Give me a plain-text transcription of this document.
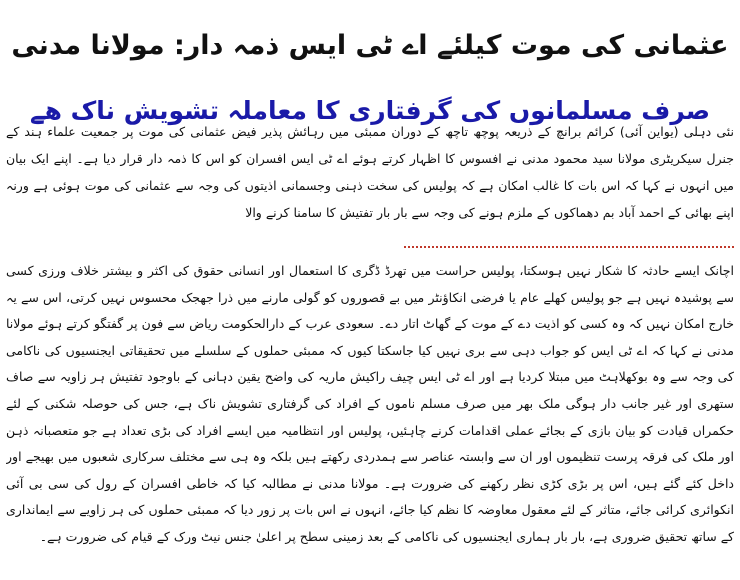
عثمانی کی موت کیلئے اے ٹی ایس ذمہ دار: مولانا مدنی
صرف مسلمانوں کی گرفتاری کا معاملہ تشویش ناک ھے

نئی دہلی (یواین آئی) کرائم برانچ کے ذریعہ پوچھ تاچھ کے دوران ممبئی میں رہائش پذیر فیض عثمانی کی موت پر جمعیت علماء ہند کے جنرل سیکریٹری مولانا سید محمود مدنی نے افسوس کا اظہار کرتے ہوئے اے ٹی ایس افسران کو اس کا ذمہ دار قرار دیا ہے۔ اپنے ایک بیان میں انہوں نے کہا کہ اس بات کا غالب امکان ہے کہ پولیس کی سخت ذہنی وجسمانی اذیتوں کی وجہ سے عثمانی کی موت ہوئی ہے ورنہ اپنے بھائی کے احمد آباد بم دھماکوں کے ملزم ہونے کی وجہ سے بار بار تفتیش کا سامنا کرنے والا

اچانک ایسے حادثہ کا شکار نہیں ہوسکتا، پولیس حراست میں تھرڈ ڈگری کا استعمال اور انسانی حقوق کی اکثر و بیشتر خلاف ورزی کسی سے پوشیدہ نہیں ہے جو پولیس کھلے عام یا فرضی انکاؤنٹر میں بے قصوروں کو گولی مارنے میں ذرا جھجک محسوس نہیں کرتی، اس سے یہ خارج امکان نہیں کہ وہ کسی کو اذیت دے کے موت کے گھاٹ اتار دے۔ سعودی عرب کے دارالحکومت ریاض سے فون پر گفتگو کرتے ہوئے مولانا مدنی نے کہا کہ اے ٹی ایس کو جواب دہی سے بری نہیں کیا جاسکتا کیوں کہ ممبئی حملوں کے سلسلے میں تحقیقاتی ایجنسیوں کی ناکامی کی وجہ سے وہ بوکھلاہٹ میں مبتلا کردیا ہے اور اے ٹی ایس چیف راکیش ماریہ کی واضح یقین دہانی کے باوجود تفتیش ہر زاویہ سے صاف ستھری اور غیر جانب دار ہوگی ملک بھر میں صرف مسلم ناموں کے افراد کی گرفتاری تشویش ناک ہے، جس کی حوصلہ شکنی کے لئے حکمراں قیادت کو بیان بازی کے بجائے عملی اقدامات کرنے چاہئیں، پولیس اور انتظامیہ میں ایسے افراد کی بڑی تعداد ہے جو متعصبانہ ذہن اور ملک کی فرقہ پرست تنظیموں اور ان سے وابستہ عناصر سے ہمدردی رکھتے ہیں بلکہ وہ ہی سے مختلف سرکاری شعبوں میں بھیجے اور داخل کئے گئے ہیں، اس پر بڑی کڑی نظر رکھنے کی ضرورت ہے۔ مولانا مدنی نے مطالبہ کیا کہ خاطی افسران کے رول کی سی بی آئی انکوائری کرائی جائے، متاثر کے لئے معقول معاوضہ کا نظم کیا جائے، انہوں نے اس بات پر زور دیا کہ ممبئی حملوں کی ہر زاویے سے ایمانداری کے ساتھ تحقیق ضروری ہے، بار بار ہماری ایجنسیوں کی ناکامی کے بعد زمینی سطح پر اعلیٰ جنس نیٹ ورک کے قیام کی ضرورت ہے۔
